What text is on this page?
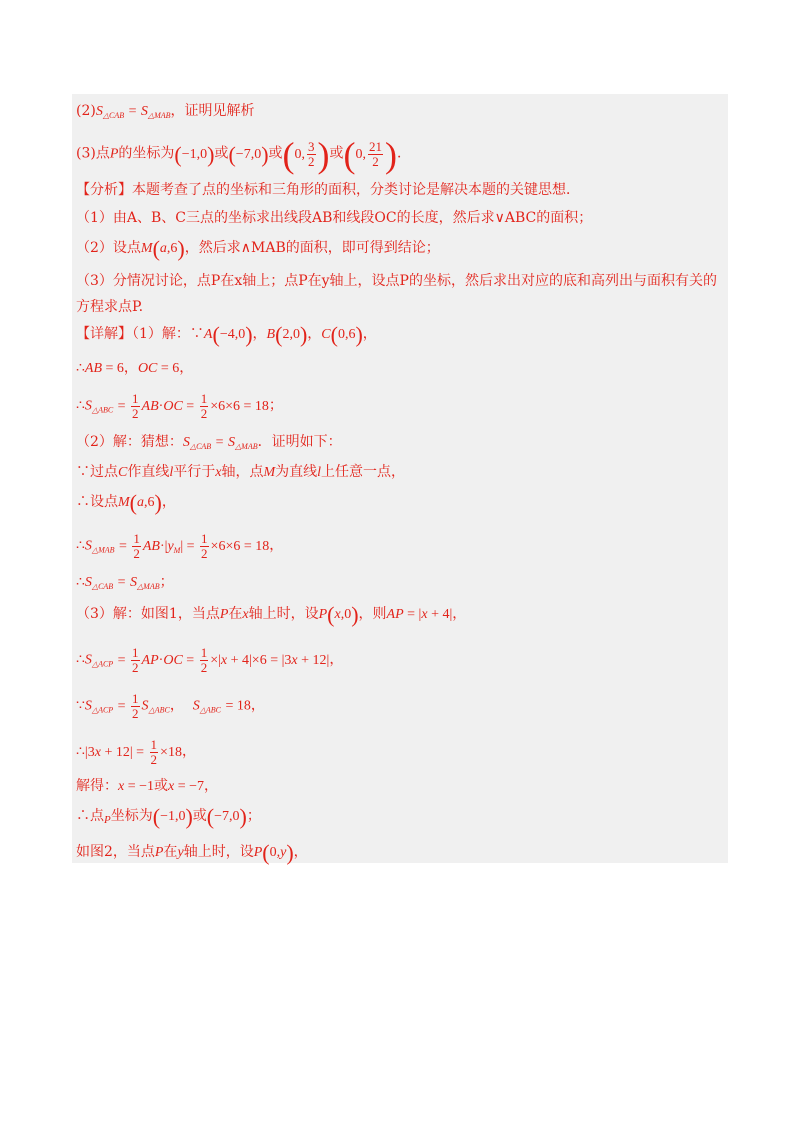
$(2)S_{\triangle CAB} = S_{\triangle MAB}$，证明见解析
(3)点P的坐标为(−1,0)或(−7,0)或(0, $\frac{3}{2}$ )或(0, $\frac{21}{2}$ )．
【分析】本题考查了点的坐标和三角形的面积，分类讨论是解决本题的关键思想．
（1）由A、B、C三点的坐标求出线段AB和线段OC的长度，然后求∨ABC的面积；
（2）设点M(a,6)，然后求∧MAB的面积，即可得到结论；
（3）分情况讨论，点P在x轴上；点P在y轴上，设点P的坐标，然后求出对应的底和高列出与面积有关的方程求点P.
【详解】（1）解：∵A(−4,0)，B(2,0)，C(0,6)，
∴AB = 6，OC = 6，
$\therefore S_{\triangle ABC} = \frac{1}{2} AB\cdot OC = \frac{1}{2} \times 6\times 6 = 18$；
（2）解：猜想：$S_{\triangle CAB} = S_{\triangle MAB}$．证明如下：
∵过点C作直线l平行于x轴，点M为直线l上任意一点，
∴设点M(a,6)，
$\therefore S_{\triangle MAB} = \frac{1}{2} AB\cdot|y_M| = \frac{1}{2} \times 6\times 6 = 18$，
$\therefore S_{\triangle CAB} = S_{\triangle MAB}$；
（3）解：如图1，当点P在x轴上时，设P(x,0)，则AP = |x + 4|，
$\therefore S_{\triangle ACP} = \frac{1}{2} AP\cdot OC = \frac{1}{2} \times|x + 4|\times 6 = |3x + 12|$，
$\because S_{\triangle ACP} = \frac{1}{2} S_{\triangle ABC}$，  $S_{\triangle ABC} = 18$，
∴|3x + $12| = \frac{1}{2} \times 18$，
解得：x = −1或x = −7，
∴点$_P$坐标为(−1,0)或(−7,0)；
如图2，当点P在y轴上时，设P(0,y)，
